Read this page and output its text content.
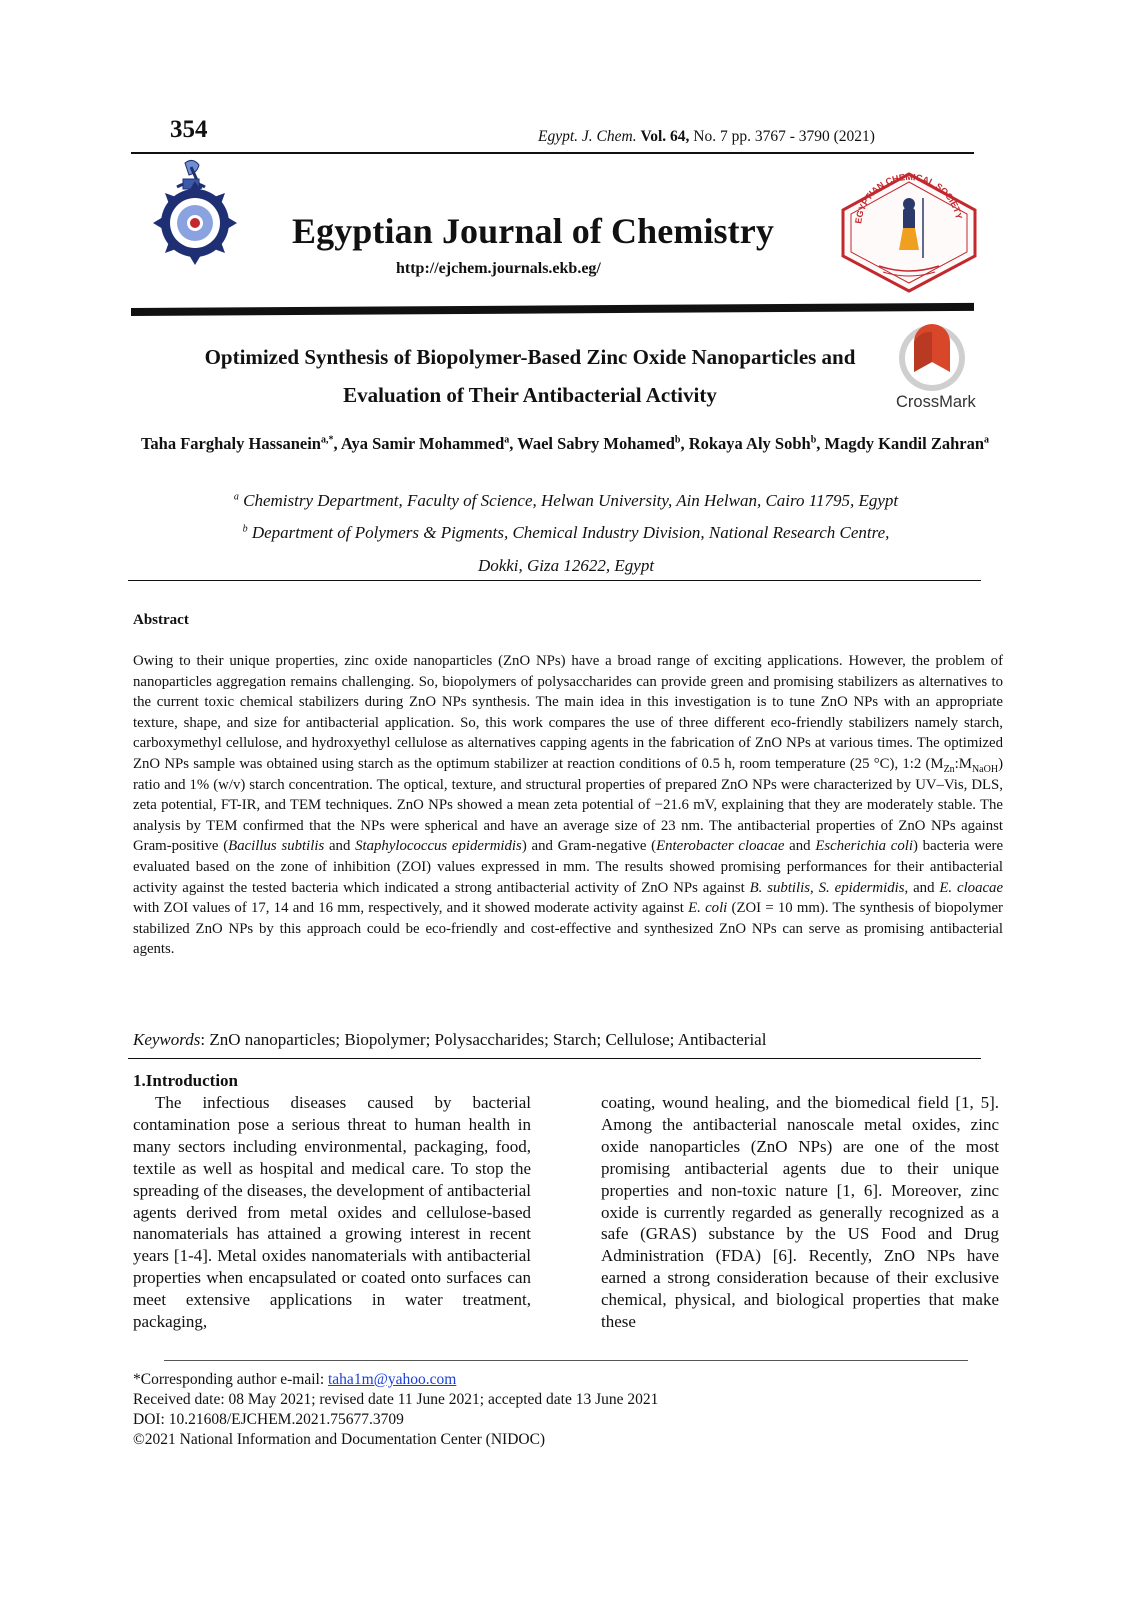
354	Egypt. J. Chem. Vol. 64, No. 7 pp. 3767 - 3790 (2021)
Egyptian Journal of Chemistry
http://ejchem.journals.ekb.eg/
EGYPTIAN CHEMICAL SOCIETY
Optimized Synthesis of Biopolymer-Based Zinc Oxide Nanoparticles and
Evaluation of Their Antibacterial Activity	CrossMark
Taha Farghaly Hassanein$^{a,*}$, Aya Samir Mohammed$^a$, Wael Sabry Mohamed$^b$, Rokaya Aly Sobh$^b$, Magdy Kandil Zahran$^a$
$^a$ Chemistry Department, Faculty of Science, Helwan University, Ain Helwan, Cairo 11795, Egypt
$^b$ Department of Polymers & Pigments, Chemical Industry Division, National Research Centre,
Dokki, Giza 12622, Egypt
Abstract
Owing to their unique properties, zinc oxide nanoparticles (ZnO NPs) have a broad range of exciting applications. However, the problem of nanoparticles aggregation remains challenging. So, biopolymers of polysaccharides can provide green and promising stabilizers as alternatives to the current toxic chemical stabilizers during ZnO NPs synthesis. The main idea in this investigation is to tune ZnO NPs with an appropriate texture, shape, and size for antibacterial application. So, this work compares the use of three different eco-friendly stabilizers namely starch, carboxymethyl cellulose, and hydroxyethyl cellulose as alternatives capping agents in the fabrication of ZnO NPs at various times. The optimized ZnO NPs sample was obtained using starch as the optimum stabilizer at reaction conditions of 0.5 h, room temperature (25 °C), 1:2 $(M_{Zn}:M_{NaOH})$ ratio and 1% (w/v) starch concentration. The optical, texture, and structural properties of prepared ZnO NPs were characterized by UV–Vis, DLS, zeta potential, FT-IR, and TEM techniques. ZnO NPs showed a mean zeta potential of −21.6 mV, explaining that they are moderately stable. The analysis by TEM confirmed that the NPs were spherical and have an average size of 23 nm. The antibacterial properties of ZnO NPs against Gram-positive (Bacillus subtilis and Staphylococcus epidermidis) and Gram-negative (Enterobacter cloacae and Escherichia coli) bacteria were evaluated based on the zone of inhibition (ZOI) values expressed in mm. The results showed promising performances for their antibacterial activity against the tested bacteria which indicated a strong antibacterial activity of ZnO NPs against B. subtilis, S. epidermidis, and E. cloacae with ZOI values of 17, 14 and 16 mm, respectively, and it showed moderate activity against E. coli (ZOI = 10 mm). The synthesis of biopolymer stabilized ZnO NPs by this approach could be eco-friendly and cost-effective and synthesized ZnO NPs can serve as promising antibacterial agents.
Keywords: ZnO nanoparticles; Biopolymer; Polysaccharides; Starch; Cellulose; Antibacterial
1.Introduction
The infectious diseases caused by bacterial contamination pose a serious threat to human health in many sectors including environmental, packaging, food, textile as well as hospital and medical care. To stop the spreading of the diseases, the development of antibacterial agents derived from metal oxides and cellulose-based nanomaterials has attained a growing interest in recent years [1-4]. Metal oxides nanomaterials with antibacterial properties when encapsulated or coated onto surfaces can meet extensive applications in water treatment, packaging,
coating, wound healing, and the biomedical field [1, 5]. Among the antibacterial nanoscale metal oxides, zinc oxide nanoparticles (ZnO NPs) are one of the most promising antibacterial agents due to their unique properties and non-toxic nature [1, 6]. Moreover, zinc oxide is currently regarded as generally recognized as a safe (GRAS) substance by the US Food and Drug Administration (FDA) [6]. Recently, ZnO NPs have earned a strong consideration because of their exclusive chemical, physical, and biological properties that make these
*Corresponding author e-mail: taha1m@yahoo.com
Received date: 08 May 2021; revised date 11 June 2021; accepted date 13 June 2021
DOI: 10.21608/EJCHEM.2021.75677.3709
©2021 National Information and Documentation Center (NIDOC)
